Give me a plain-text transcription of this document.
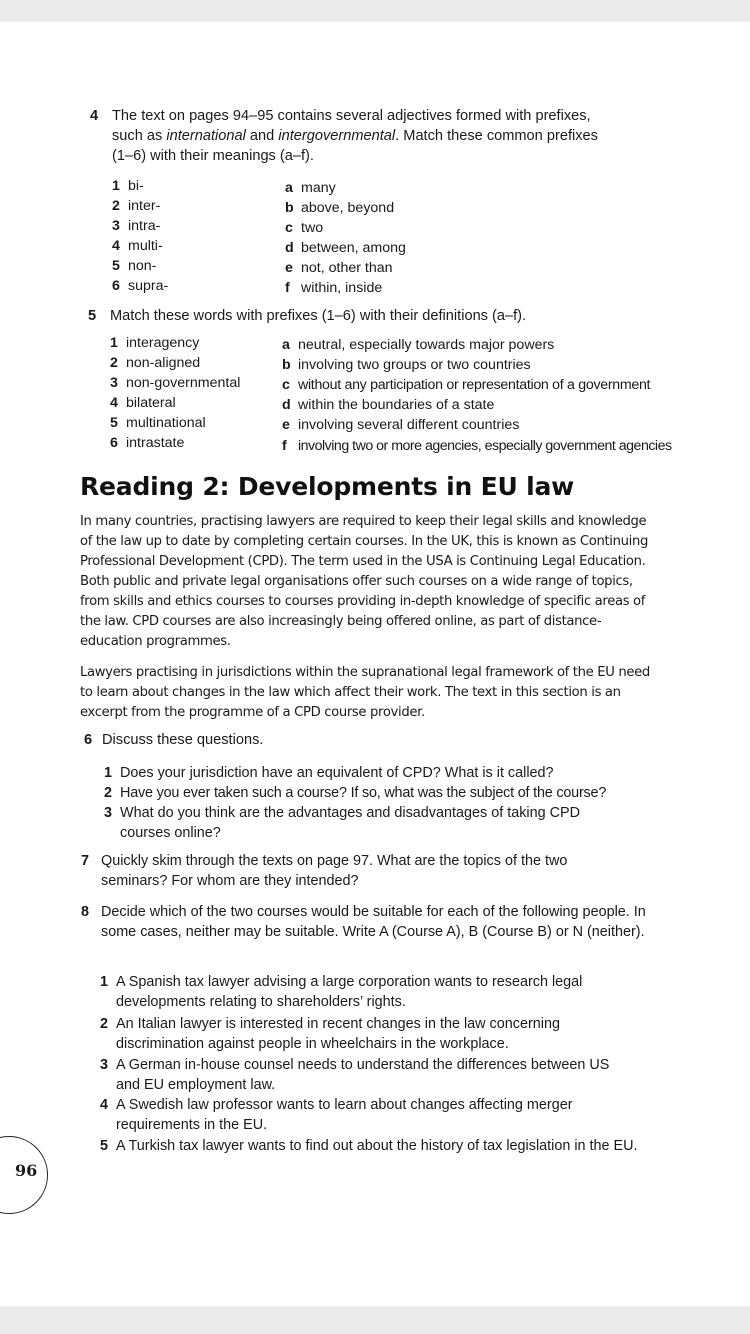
4 The text on pages 94–95 contains several adjectives formed with prefixes,
such as international and intergovernmental. Match these common prefixes
(1–6) with their meanings (a–f).
1 bi-
2 inter-
3 intra-
4 multi-
5 non-
6 supra-
a many
b above, beyond
c two
d between, among
e not, other than
f within, inside
5 Match these words with prefixes (1–6) with their definitions (a–f).
1 interagency
2 non-aligned
3 non-governmental
4 bilateral
5 multinational
6 intrastate
a neutral, especially towards major powers
b involving two groups or two countries
c without any participation or representation of a government
d within the boundaries of a state
e involving several different countries
f involving two or more agencies, especially government agencies
Reading 2: Developments in EU law
In many countries, practising lawyers are required to keep their legal skills and knowledge of the law up to date by completing certain courses. In the UK, this is known as Continuing Professional Development (CPD). The term used in the USA is Continuing Legal Education. Both public and private legal organisations offer such courses on a wide range of topics, from skills and ethics courses to courses providing in-depth knowledge of specific areas of the law. CPD courses are also increasingly being offered online, as part of distance-education programmes.
Lawyers practising in jurisdictions within the supranational legal framework of the EU need to learn about changes in the law which affect their work. The text in this section is an excerpt from the programme of a CPD course provider.
6 Discuss these questions.
1 Does your jurisdiction have an equivalent of CPD? What is it called?
2 Have you ever taken such a course? If so, what was the subject of the course?
3 What do you think are the advantages and disadvantages of taking CPD courses online?
7 Quickly skim through the texts on page 97. What are the topics of the two seminars? For whom are they intended?
8 Decide which of the two courses would be suitable for each of the following people. In some cases, neither may be suitable. Write A (Course A), B (Course B) or N (neither).
1 A Spanish tax lawyer advising a large corporation wants to research legal developments relating to shareholders’ rights.
2 An Italian lawyer is interested in recent changes in the law concerning discrimination against people in wheelchairs in the workplace.
3 A German in-house counsel needs to understand the differences between US and EU employment law.
4 A Swedish law professor wants to learn about changes affecting merger requirements in the EU.
5 A Turkish tax lawyer wants to find out about the history of tax legislation in the EU.
96
